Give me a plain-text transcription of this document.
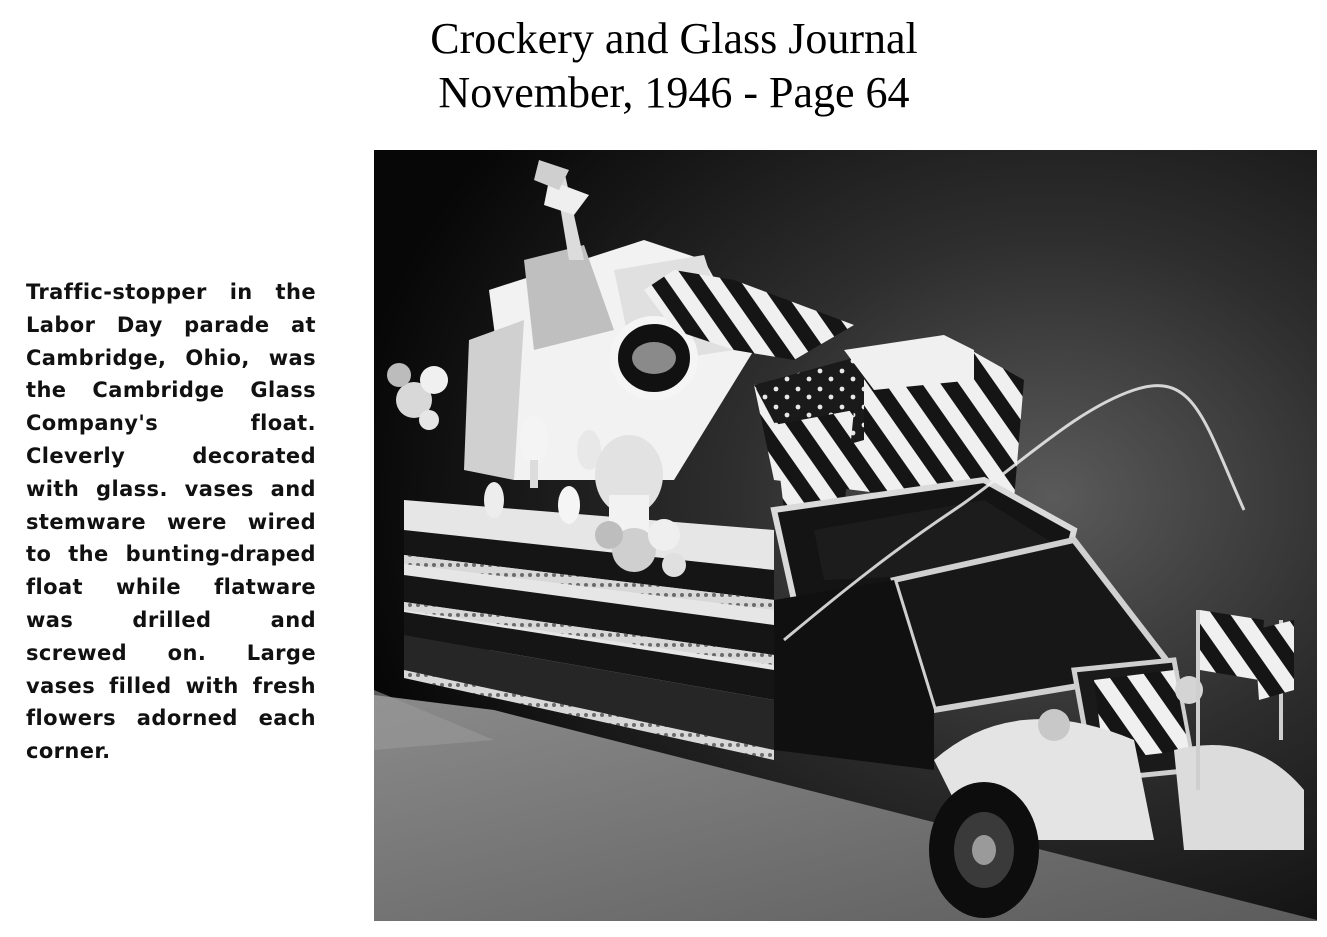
Crockery and Glass Journal
November, 1946 - Page 64
Traffic-stopper in the Labor Day parade at Cambridge, Ohio, was the Cambridge Glass Company's float. Cleverly decorated with glass. vases and stemware were wired to the bunting-draped float while flatware was drilled and screwed on. Large vases filled with fresh flowers adorned each corner.
